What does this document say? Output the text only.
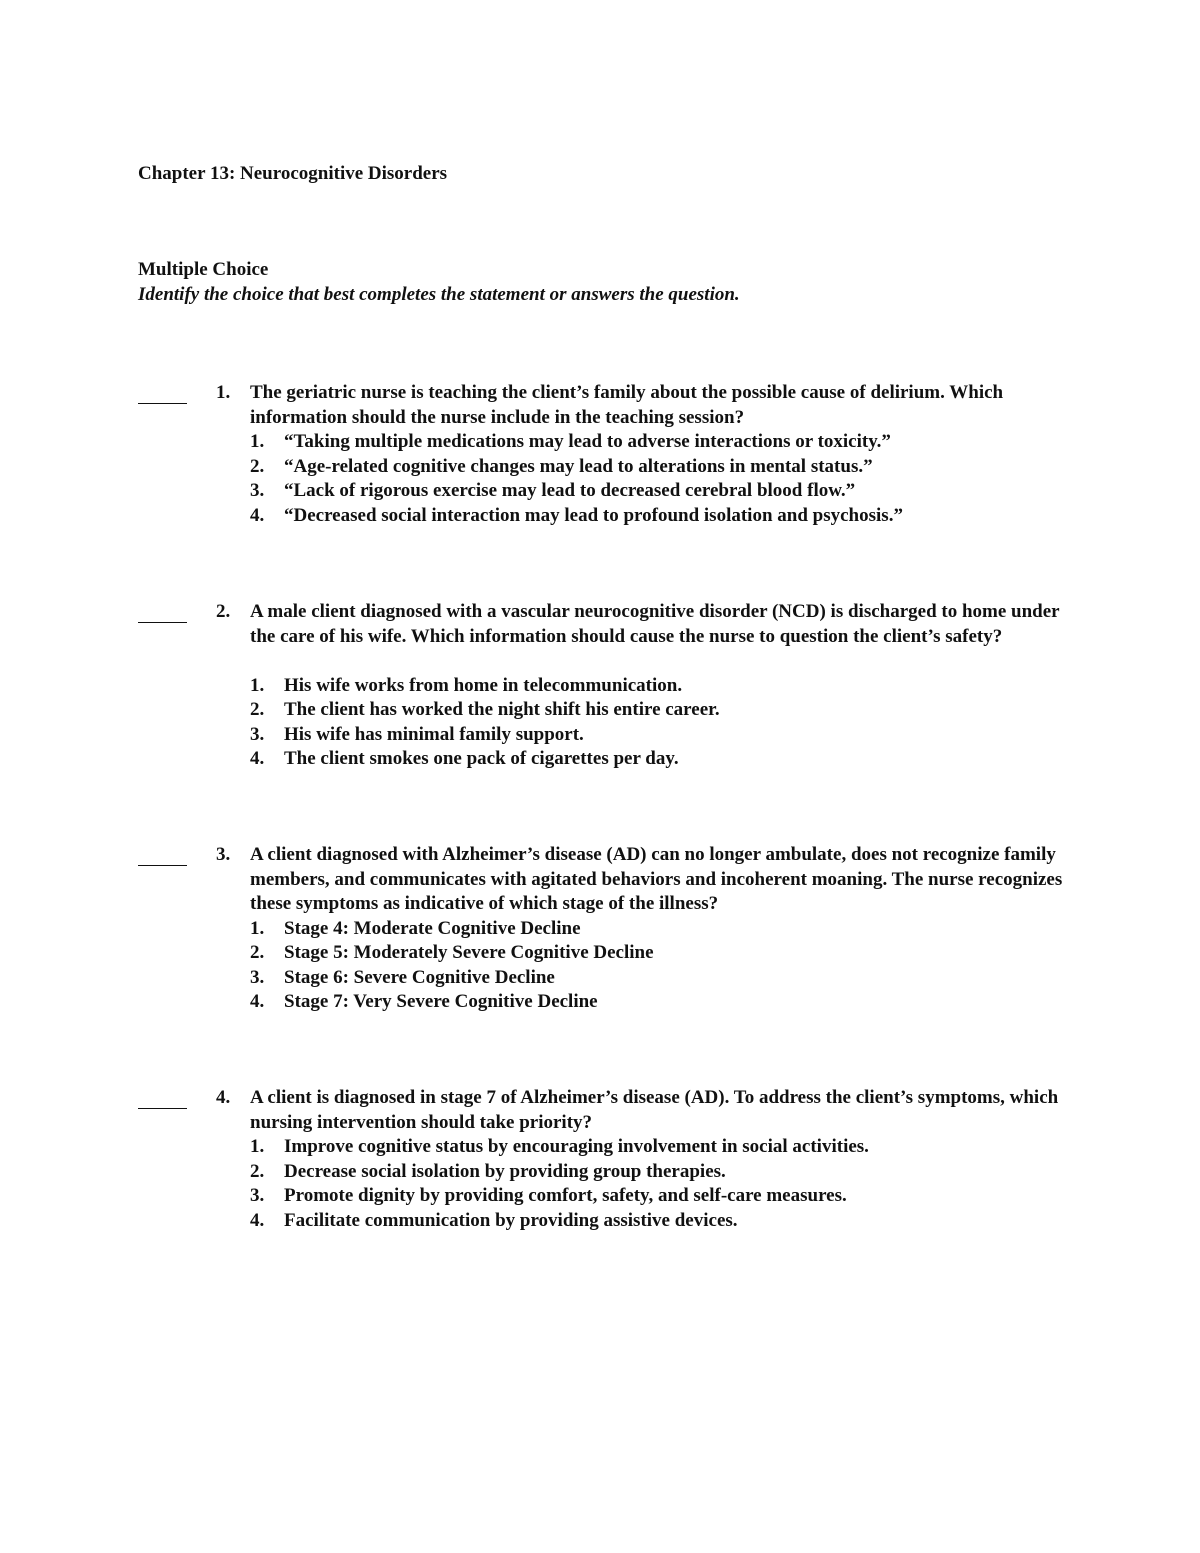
Chapter 13: Neurocognitive Disorders
Multiple Choice
Identify the choice that best completes the statement or answers the question.
1. The geriatric nurse is teaching the client’s family about the possible cause of delirium. Which information should the nurse include in the teaching session?
1.	“Taking multiple medications may lead to adverse interactions or toxicity.”
2.	“Age-related cognitive changes may lead to alterations in mental status.”
3.	“Lack of rigorous exercise may lead to decreased cerebral blood flow.”
4.	“Decreased social interaction may lead to profound isolation and psychosis.”
2. A male client diagnosed with a vascular neurocognitive disorder (NCD) is discharged to home under the care of his wife. Which information should cause the nurse to question the client’s safety?
1.	His wife works from home in telecommunication.
2.	The client has worked the night shift his entire career.
3.	His wife has minimal family support.
4.	The client smokes one pack of cigarettes per day.
3. A client diagnosed with Alzheimer’s disease (AD) can no longer ambulate, does not recognize family members, and communicates with agitated behaviors and incoherent moaning. The nurse recognizes these symptoms as indicative of which stage of the illness?
1.	Stage 4: Moderate Cognitive Decline
2.	Stage 5: Moderately Severe Cognitive Decline
3.	Stage 6: Severe Cognitive Decline
4.	Stage 7: Very Severe Cognitive Decline
4. A client is diagnosed in stage 7 of Alzheimer’s disease (AD). To address the client’s symptoms, which nursing intervention should take priority?
1.	Improve cognitive status by encouraging involvement in social activities.
2.	Decrease social isolation by providing group therapies.
3.	Promote dignity by providing comfort, safety, and self-care measures.
4.	Facilitate communication by providing assistive devices.
